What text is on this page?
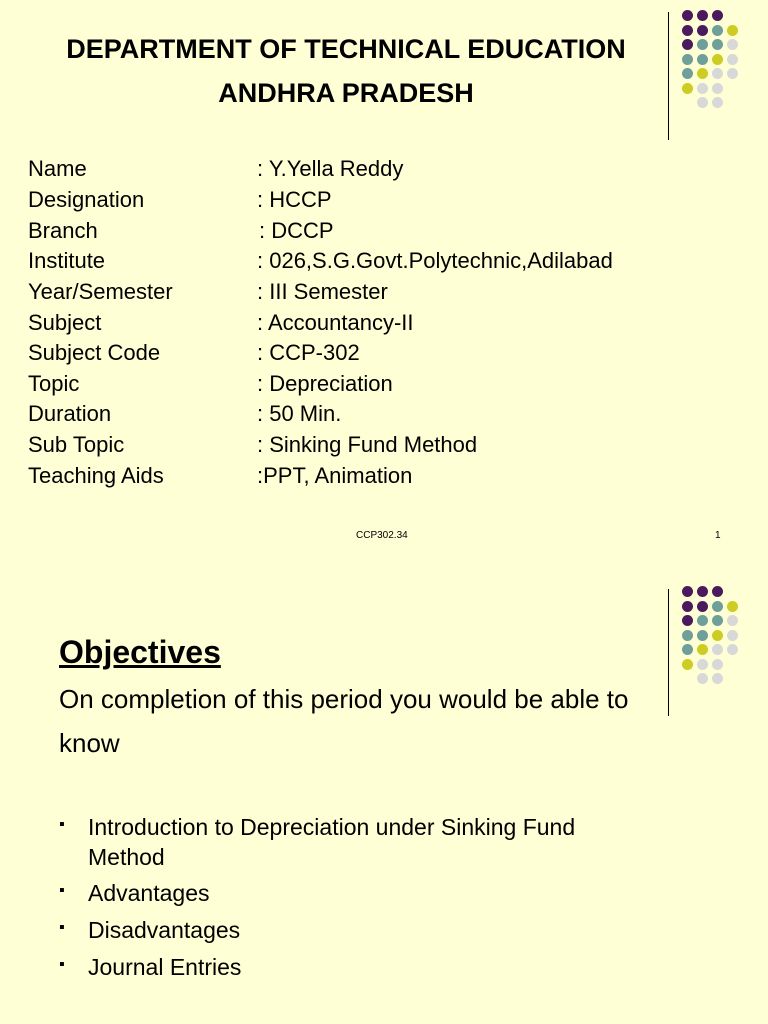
DEPARTMENT OF TECHNICAL EDUCATION
ANDHRA PRADESH
Name	: Y.Yella Reddy
Designation	: HCCP
Branch	: DCCP
Institute	: 026,S.G.Govt.Polytechnic,Adilabad
Year/Semester	: III Semester
Subject	: Accountancy-II
Subject Code	: CCP-302
Topic	: Depreciation
Duration	: 50 Min.
Sub Topic	: Sinking Fund Method
Teaching Aids	:PPT, Animation
CCP302.34	1
Objectives
On completion of this period you would be able to know
▪ Introduction to Depreciation under Sinking Fund Method
▪ Advantages
▪ Disadvantages
▪ Journal Entries
